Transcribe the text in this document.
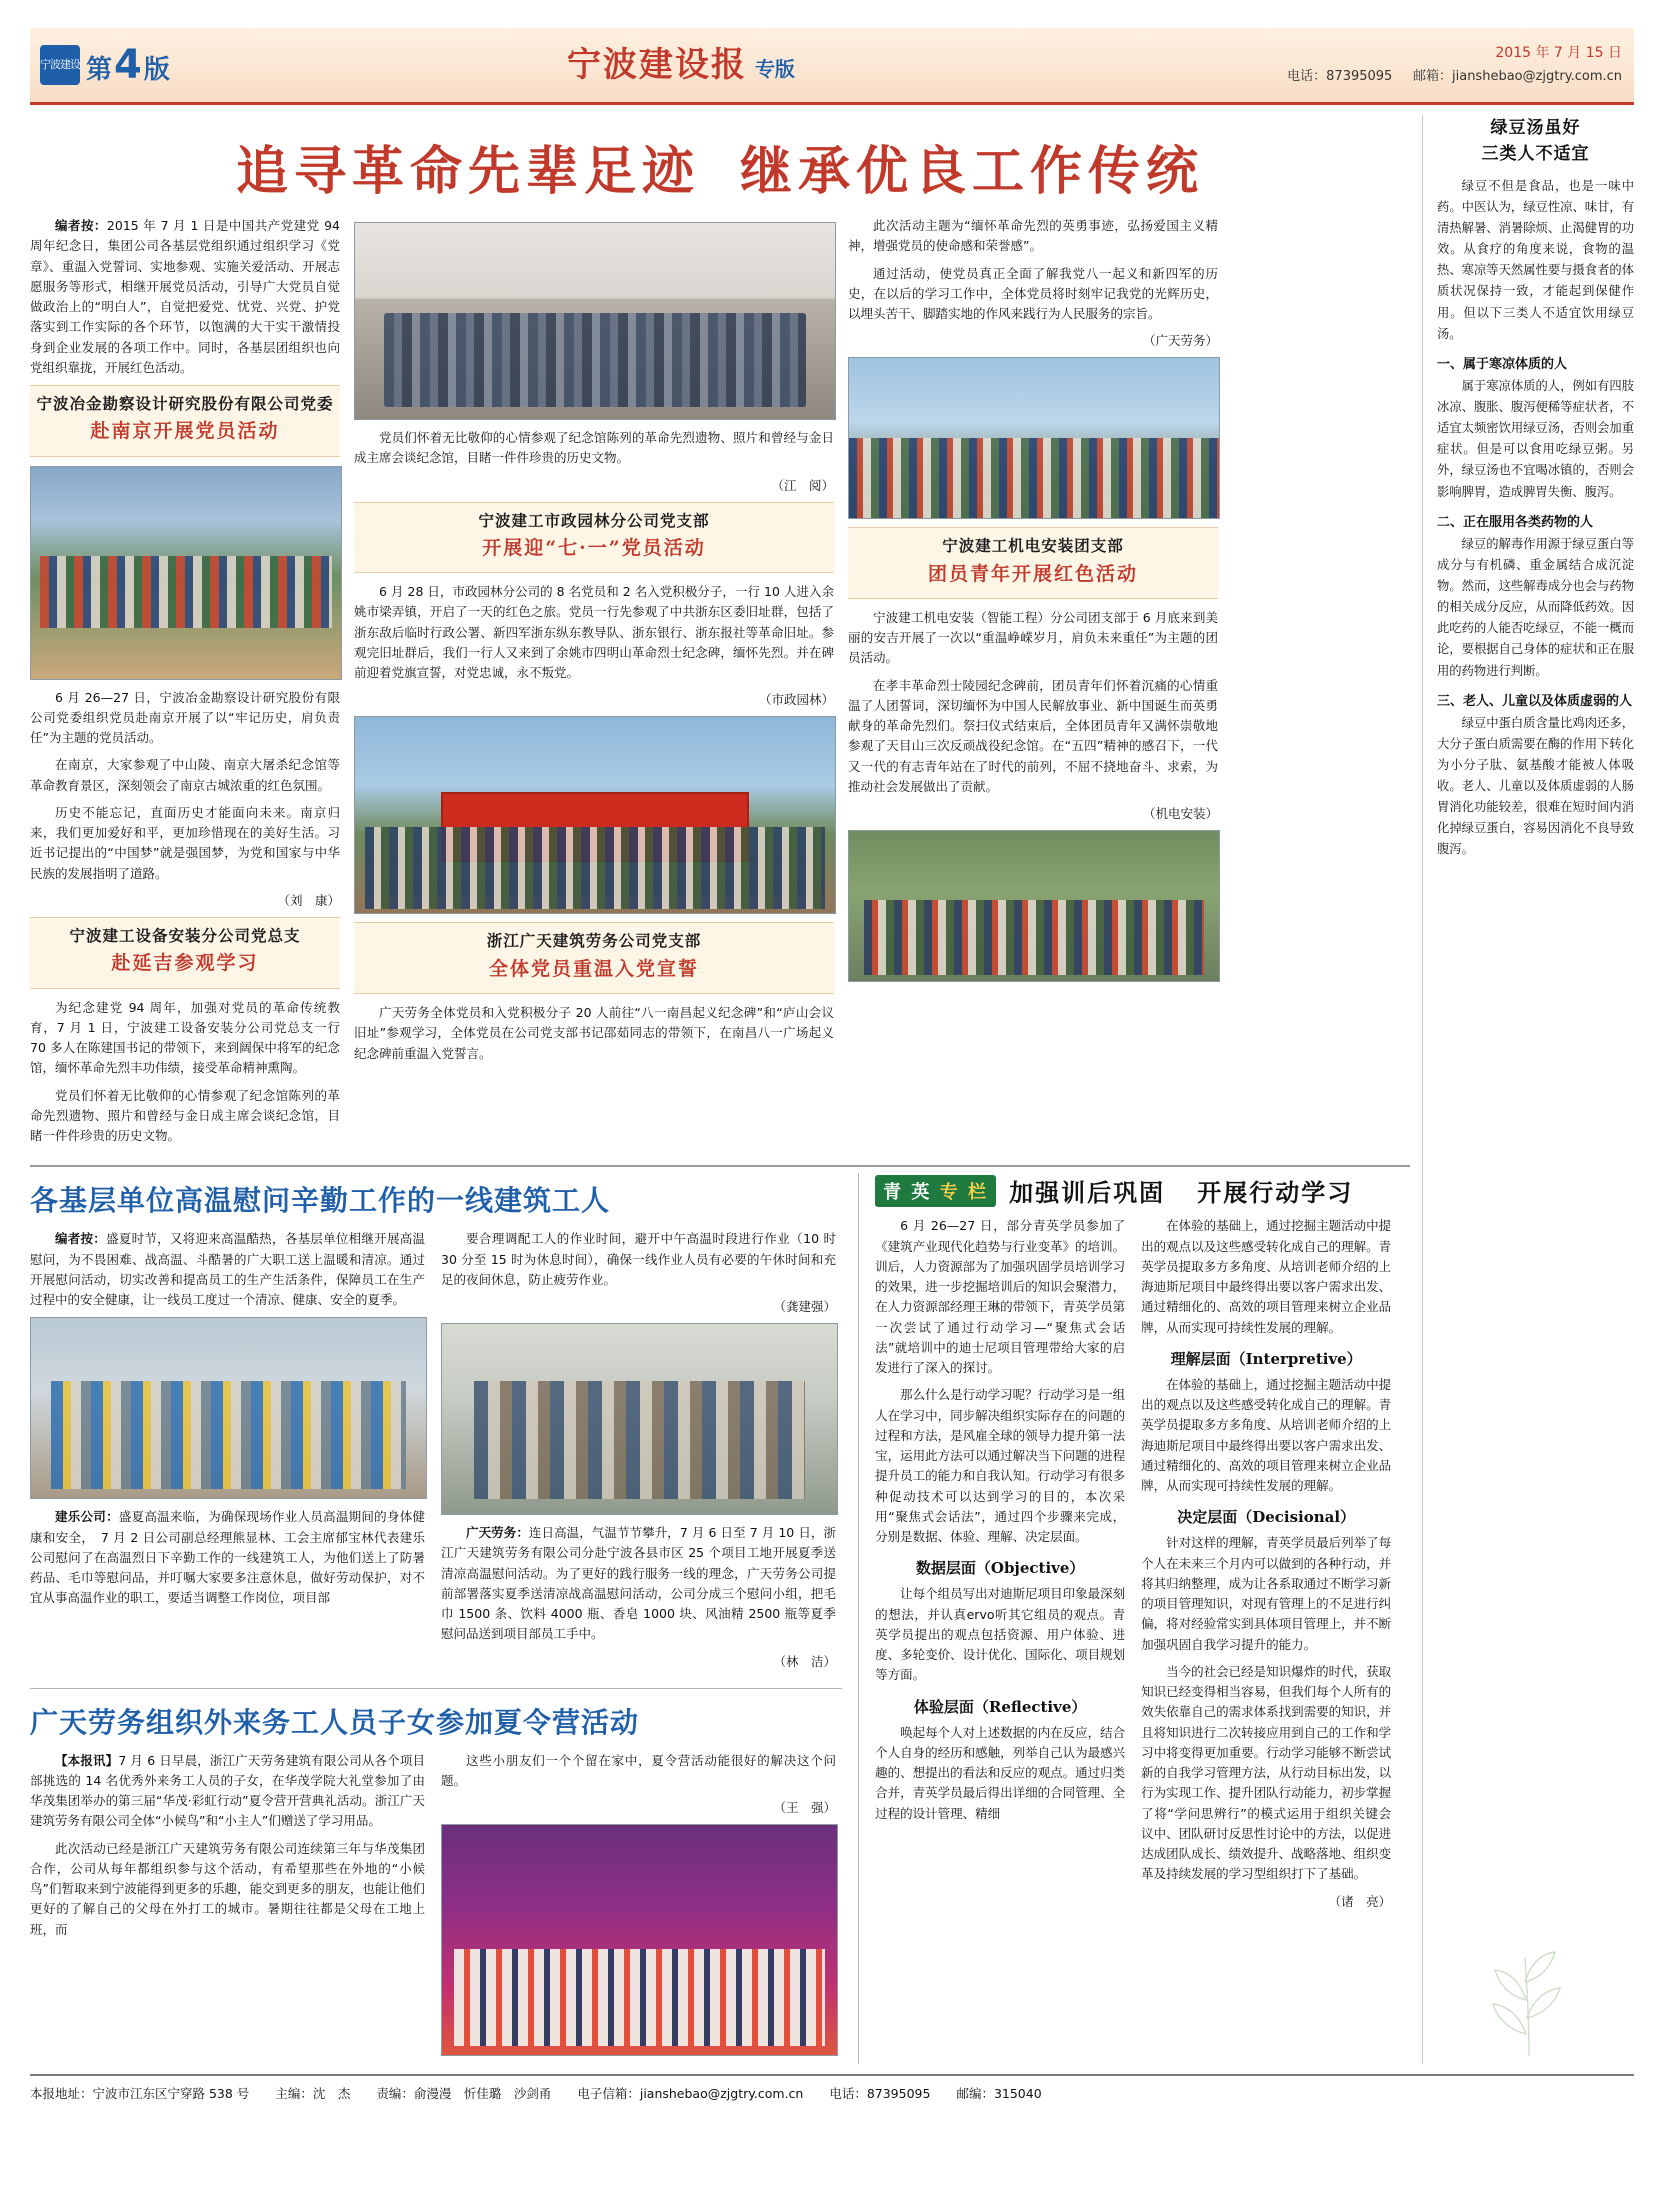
宁波建设 第4版	宁波建设报 专版
2015 年 7 月 15 日
电话：87395095 邮箱：jianshebao@zjgtry.com.cn
追寻革命先辈足迹 继承优良工作传统

编者按：2015 年 7 月 1 日是中国共产党建党 94 周年纪念日，集团公司各基层党组织通过组织学习《党章》、重温入党誓词、实地参观、实施关爱活动、开展志愿服务等形式，相继开展党员活动，引导广大党员自觉做政治上的“明白人”，自觉把爱党、忧党、兴党、护党落实到工作实际的各个环节，以饱满的大干实干激情投身到企业发展的各项工作中。同时，各基层团组织也向党组织靠拢，开展红色活动。

宁波冶金勘察设计研究股份有限公司党委
赴南京开展党员活动

6 月 26—27 日，宁波冶金勘察设计研究股份有限公司党委组织党员赴南京开展了以“牢记历史，肩负责任”为主题的党员活动。

在南京，大家参观了中山陵、南京大屠杀纪念馆等革命教育景区，深刻领会了南京古城浓重的红色氛围。

历史不能忘记，直面历史才能面向未来。南京归来，我们更加爱好和平，更加珍惜现在的美好生活。习近书记提出的“中国梦”就是强国梦，为党和国家与中华民族的发展指明了道路。

（刘　康）
宁波建工设备安装分公司党总支
赴延吉参观学习

为纪念建党 94 周年，加强对党员的革命传统教育，7 月 1 日，宁波建工设备安装分公司党总支一行 70 多人在陈建国书记的带领下，来到阔保中将军的纪念馆，缅怀革命先烈丰功伟绩，接受革命精神熏陶。

党员们怀着无比敬仰的心情参观了纪念馆陈列的革命先烈遗物、照片和曾经与金日成主席会谈纪念馆，目睹一件件珍贵的历史文物。

党员们怀着无比敬仰的心情参观了纪念馆陈列的革命先烈遗物、照片和曾经与金日成主席会谈纪念馆，目睹一件件珍贵的历史文物。

（江　阅）
宁波建工市政园林分公司党支部
开展迎“七·一”党员活动

6 月 28 日，市政园林分公司的 8 名党员和 2 名入党积极分子，一行 10 人进入余姚市梁弄镇，开启了一天的红色之旅。党员一行先参观了中共浙东区委旧址群，包括了浙东敌后临时行政公署、新四军浙东纵东教导队、浙东银行、浙东报社等革命旧址。参观完旧址群后，我们一行人又来到了余姚市四明山革命烈士纪念碑，缅怀先烈。并在碑前迎着党旗宣誓，对党忠诚，永不叛党。

（市政园林）
浙江广天建筑劳务公司党支部
全体党员重温入党宣誓

广天劳务全体党员和入党积极分子 20 人前往“八一南昌起义纪念碑”和“庐山会议旧址”参观学习，全体党员在公司党支部书记邵茹同志的带领下，在南昌八一广场起义纪念碑前重温入党誓言。

此次活动主题为“缅怀革命先烈的英勇事迹，弘扬爱国主义精神，增强党员的使命感和荣誉感”。

通过活动，使党员真正全面了解我党八一起义和新四军的历史，在以后的学习工作中，全体党员将时刻牢记我党的光辉历史，以埋头苦干、脚踏实地的作风来践行为人民服务的宗旨。

（广天劳务）
宁波建工机电安装团支部
团员青年开展红色活动

宁波建工机电安装（智能工程）分公司团支部于 6 月底来到美丽的安吉开展了一次以“重温峥嵘岁月，肩负未来重任”为主题的团员活动。

在孝丰革命烈士陵园纪念碑前，团员青年们怀着沉痛的心情重温了人团誓词，深切缅怀为中国人民解放事业、新中国诞生而英勇献身的革命先烈们。祭扫仪式结束后，全体团员青年又满怀崇敬地参观了天目山三次反顽战役纪念馆。在“五四”精神的感召下，一代又一代的有志青年站在了时代的前列，不屈不挠地奋斗、求索，为推动社会发展做出了贡献。

（机电安装）
各基层单位高温慰问辛勤工作的一线建筑工人

编者按：盛夏时节，又将迎来高温酷热，各基层单位相继开展高温慰问，为不畏困难、战高温、斗酷暑的广大职工送上温暖和清凉。通过开展慰问活动，切实改善和提高员工的生产生活条件，保障员工在生产过程中的安全健康，让一线员工度过一个清凉、健康、安全的夏季。

建乐公司：盛夏高温来临，为确保现场作业人员高温期间的身体健康和安全，　7 月 2 日公司副总经理熊显林、工会主席郁宝林代表建乐公司慰问了在高温烈日下辛勤工作的一线建筑工人，为他们送上了防暑药品、毛巾等慰问品，并叮嘱大家要多注意休息，做好劳动保护，对不宜从事高温作业的职工，要适当调整工作岗位，项目部

要合理调配工人的作业时间，避开中午高温时段进行作业（10 时 30 分至 15 时为休息时间），确保一线作业人员有必要的午休时间和充足的夜间休息，防止疲劳作业。

（龚建强）

广天劳务：连日高温，气温节节攀升，7 月 6 日至 7 月 10 日，浙江广天建筑劳务有限公司分赴宁波各县市区 25 个项目工地开展夏季送清凉高温慰问活动。为了更好的践行服务一线的理念，广天劳务公司提前部署落实夏季送清凉战高温慰问活动，公司分成三个慰问小组，把毛巾 1500 条、饮料 4000 瓶、香皂 1000 块、风油精 2500 瓶等夏季慰问品送到项目部员工手中。

（林　洁）
广天劳务组织外来务工人员子女参加夏令营活动

【本报讯】7 月 6 日早晨，浙江广天劳务建筑有限公司从各个项目部挑选的 14 名优秀外来务工人员的子女，在华茂学院大礼堂参加了由华茂集团举办的第三届“华茂·彩虹行动”夏令营开营典礼活动。浙江广天建筑劳务有限公司全体“小候鸟”和“小主人”们赠送了学习用品。

此次活动已经是浙江广天建筑劳务有限公司连续第三年与华茂集团合作，公司从每年都组织参与这个活动，有希望那些在外地的“小候鸟”们暂取来到宁波能得到更多的乐趣，能交到更多的朋友，也能让他们更好的了解自己的父母在外打工的城市。暑期往往都是父母在工地上班，而

这些小朋友们一个个留在家中，夏令营活动能很好的解决这个问题。

（王　强）
青 英 专 栏 加强训后巩固 开展行动学习

6 月 26—27 日，部分青英学员参加了《建筑产业现代化趋势与行业变革》的培训。训后，人力资源部为了加强巩固学员培训学习的效果，进一步挖掘培训后的知识会聚潜力，在人力资源部经理王琳的带领下，青英学员第一次尝试了通过行动学习—“聚焦式会话法”就培训中的迪士尼项目管理带给大家的启发进行了深入的探讨。

那么什么是行动学习呢？行动学习是一组人在学习中，同步解决组织实际存在的问题的过程和方法，是风雇全球的领导力提升第一法宝，运用此方法可以通过解决当下问题的进程提升员工的能力和自我认知。行动学习有很多种促动技术可以达到学习的目的，本次采用“聚焦式会话法”，通过四个步骤来完成，分别是数据、体验、理解、决定层面。

数据层面（Objective）

让每个组员写出对迪斯尼项目印象最深刻的想法，并认真ervo听其它组员的观点。青英学员提出的观点包括资源、用户体验、进度、多轮变价、设计优化、国际化、项目规划等方面。

体验层面（Reflective）

唤起每个人对上述数据的内在反应，结合个人自身的经历和感触，列举自己认为最感兴趣的、想提出的看法和反应的观点。通过归类合并，青英学员最后得出详细的合同管理、全过程的设计管理、精细

在体验的基础上，通过挖掘主题活动中提出的观点以及这些感受转化成自己的理解。青英学员提取多方多角度、从培训老师介绍的上海迪斯尼项目中最终得出要以客户需求出发、通过精细化的、高效的项目管理来树立企业品牌，从而实现可持续性发展的理解。

理解层面（Interpretive）

在体验的基础上，通过挖掘主题活动中提出的观点以及这些感受转化成自己的理解。青英学员提取多方多角度、从培训老师介绍的上海迪斯尼项目中最终得出要以客户需求出发、通过精细化的、高效的项目管理来树立企业品牌，从而实现可持续性发展的理解。

决定层面（Decisional）

针对这样的理解，青英学员最后列举了每个人在未来三个月内可以做到的各种行动，并将其归纳整理，成为让各系取通过不断学习新的项目管理知识，对现有管理上的不足进行纠偏，将对经验常实到具体项目管理上，并不断加强巩固自我学习提升的能力。

当今的社会已经是知识爆炸的时代，获取知识已经变得相当容易，但我们每个人所有的效失依靠自己的需求体系找到需要的知识，并且将知识进行二次转接应用到自己的工作和学习中将变得更加重要。行动学习能够不断尝试新的自我学习管理方法，从行动目标出发，以行为实现工作、提升团队行动能力，初步掌握了将“学问思辨行”的模式运用于组织关键会议中、团队研讨反思性讨论中的方法，以促进达成团队成长、绩效提升、战略落地、组织变革及持续发展的学习型组织打下了基础。

（诸　亮）
绿豆汤虽好
三类人不适宜

绿豆不但是食品，也是一味中药。中医认为，绿豆性凉、味甘，有清热解暑、消暑除烦、止渴健胃的功效。从食疗的角度来说，食物的温热、寒凉等天然属性要与摄食者的体质状况保持一致，才能起到保健作用。但以下三类人不适宜饮用绿豆汤。

一、属于寒凉体质的人

属于寒凉体质的人，例如有四肢冰凉、腹胀、腹泻便稀等症状者，不适宜太频密饮用绿豆汤，否则会加重症状。但是可以食用吃绿豆粥。另外，绿豆汤也不宜喝冰镇的，否则会影响脾胃，造成脾胃失衡、腹泻。

二、正在服用各类药物的人

绿豆的解毒作用源于绿豆蛋白等成分与有机磷、重金属结合成沉淀物。然而，这些解毒成分也会与药物的相关成分反应，从而降低药效。因此吃药的人能否吃绿豆，不能一概而论，要根据自己身体的症状和正在服用的药物进行判断。

三、老人、儿童以及体质虚弱的人

绿豆中蛋白质含量比鸡肉还多，大分子蛋白质需要在酶的作用下转化为小分子肽、氨基酸才能被人体吸收。老人、儿童以及体质虚弱的人肠胃消化功能较差，很难在短时间内消化掉绿豆蛋白，容易因消化不良导致腹泻。

本报地址：宁波市江东区宁穿路 538 号 主编：沈　杰 责编：俞漫漫　忻佳璐　沙剑甬 电子信箱：jianshebao@zjgtry.com.cn 电话：87395095 邮编：315040
